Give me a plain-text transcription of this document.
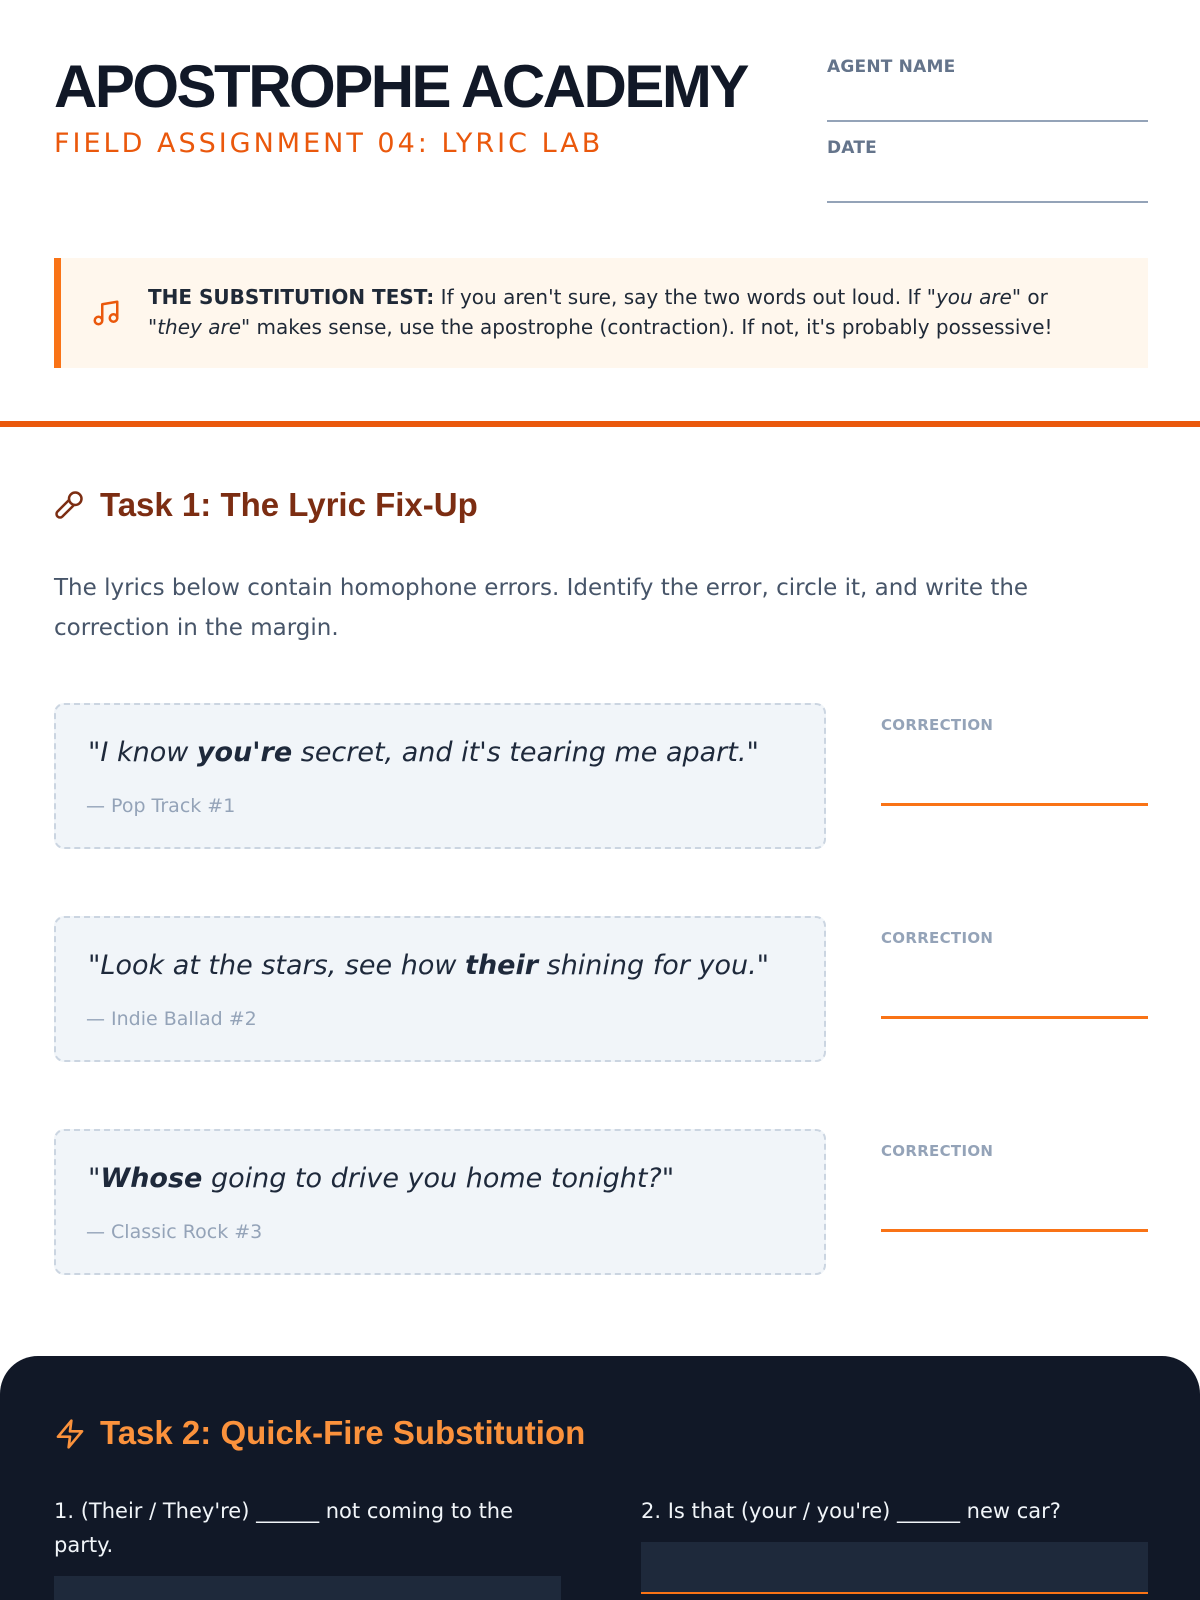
APOSTROPHE ACADEMY
FIELD ASSIGNMENT 04: LYRIC LAB
AGENT NAME
DATE
THE SUBSTITUTION TEST: If you aren't sure, say the two words out loud. If "you are" or "they are" makes sense, use the apostrophe (contraction). If not, it's probably possessive!
Task 1: The Lyric Fix-Up
The lyrics below contain homophone errors. Identify the error, circle it, and write the correction in the margin.
"I know you're secret, and it's tearing me apart."
— Pop Track #1
CORRECTION
"Look at the stars, see how their shining for you."
— Indie Ballad #2
CORRECTION
"Whose going to drive you home tonight?"
— Classic Rock #3
CORRECTION
Task 2: Quick-Fire Substitution
1. (Their / They're) ______ not coming to the party.
2. Is that (your / you're) ______ new car?
